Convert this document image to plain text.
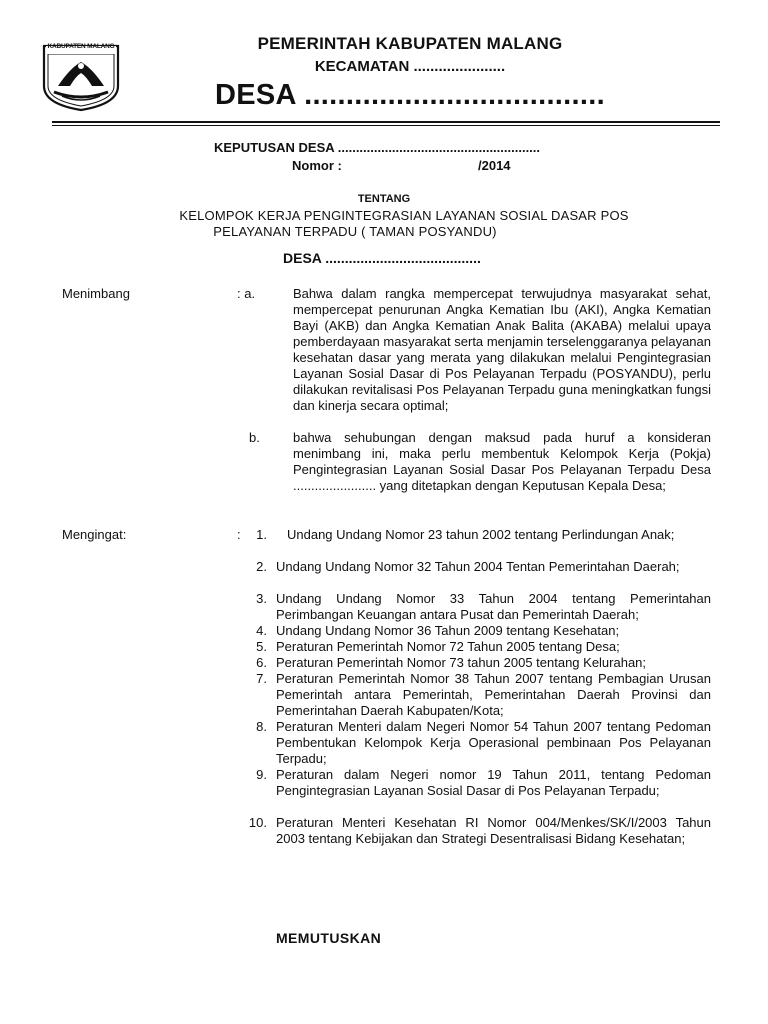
KABUPATEN MALANG	PEMERINTAH KABUPATEN MALANG
KECAMATAN ......................
DESA ....................................
KEPUTUSAN DESA ........................................................
Nomor :	/2014
TENTANG
KELOMPOK KERJA PENGINTEGRASIAN LAYANAN SOSIAL DASAR POS
PELAYANAN TERPADU ( TAMAN POSYANDU)
DESA ........................................
Menimbang	: a.	Bahwa dalam rangka mempercepat terwujudnya masyarakat sehat, mempercepat penurunan Angka Kematian Ibu (AKI), Angka Kematian Bayi (AKB) dan Angka Kematian Anak Balita (AKABA) melalui upaya pemberdayaan masyarakat serta menjamin terselenggaranya pelayanan kesehatan dasar yang merata yang dilakukan melalui Pengintegrasian Layanan Sosial Dasar di Pos Pelayanan Terpadu (POSYANDU), perlu dilakukan revitalisasi Pos Pelayanan Terpadu guna meningkatkan fungsi dan kinerja secara optimal;
b.	bahwa sehubungan dengan maksud pada huruf a konsideran menimbang ini, maka perlu membentuk Kelompok Kerja (Pokja) Pengintegrasian Layanan Sosial Dasar Pos Pelayanan Terpadu Desa ....................... yang ditetapkan dengan Keputusan Kepala Desa;
Mengingat:	:	1.	Undang Undang Nomor 23 tahun 2002 tentang Perlindungan Anak;
2. Undang Undang Nomor 32 Tahun 2004 Tentan Pemerintahan Daerah;
3. Undang Undang Nomor 33 Tahun 2004 tentang Pemerintahan Perimbangan Keuangan antara Pusat dan Pemerintah Daerah;
4. Undang Undang Nomor 36 Tahun 2009 tentang Kesehatan;
5. Peraturan Pemerintah Nomor 72 Tahun 2005 tentang Desa;
6. Peraturan Pemerintah Nomor 73 tahun 2005 tentang Kelurahan;
7. Peraturan Pemerintah Nomor 38 Tahun 2007 tentang Pembagian Urusan Pemerintah antara Pemerintah, Pemerintahan Daerah Provinsi dan Pemerintahan Daerah Kabupaten/Kota;
8. Peraturan Menteri dalam Negeri Nomor 54 Tahun 2007 tentang Pedoman Pembentukan Kelompok Kerja Operasional pembinaan Pos Pelayanan Terpadu;
9. Peraturan dalam Negeri nomor 19 Tahun 2011, tentang Pedoman Pengintegrasian Layanan Sosial Dasar di Pos Pelayanan Terpadu;
10. Peraturan Menteri Kesehatan RI Nomor 004/Menkes/SK/I/2003 Tahun 2003 tentang Kebijakan dan Strategi Desentralisasi Bidang Kesehatan;
MEMUTUSKAN
